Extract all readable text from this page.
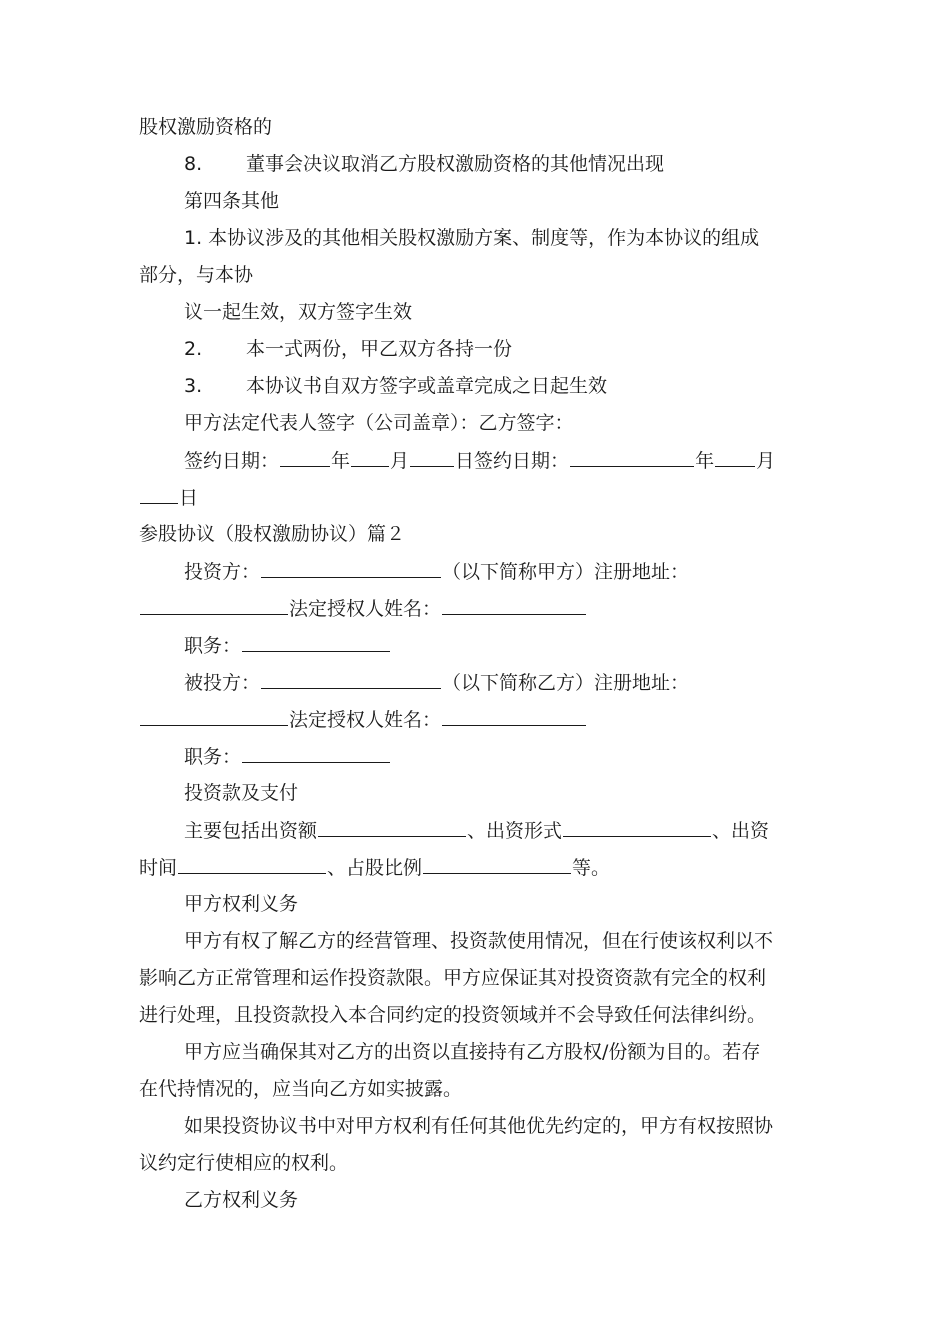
股权激励资格的
8. 董事会决议取消乙方股权激励资格的其他情况出现
第四条其他
1. 本协议涉及的其他相关股权激励方案、制度等，作为本协议的组成
部分，与本协
议一起生效，双方签字生效
2. 本一式两份，甲乙双方各持一份
3. 本协议书自双方签字或盖章完成之日起生效
甲方法定代表人签字（公司盖章）：乙方签字：
签约日期：	年 月 日签约日期：	年 月
日
参股协议（股权激励协议）篇２
投资方：	（以下简称甲方）注册地址：
法定授权人姓名：
职务：
被投方：	（以下简称乙方）注册地址：
法定授权人姓名：
职务：
投资款及支付
主要包括出资额	、出资形式	、出资
时间	、占股比例	等。
甲方权利义务
甲方有权了解乙方的经营管理、投资款使用情况，但在行使该权利以不
影响乙方正常管理和运作投资款限。甲方应保证其对投资资款有完全的权利
进行处理，且投资款投入本合同约定的投资领域并不会导致任何法律纠纷。
甲方应当确保其对乙方的出资以直接持有乙方股权/份额为目的。若存
在代持情况的，应当向乙方如实披露。
如果投资协议书中对甲方权利有任何其他优先约定的，甲方有权按照协
议约定行使相应的权利。
乙方权利义务
